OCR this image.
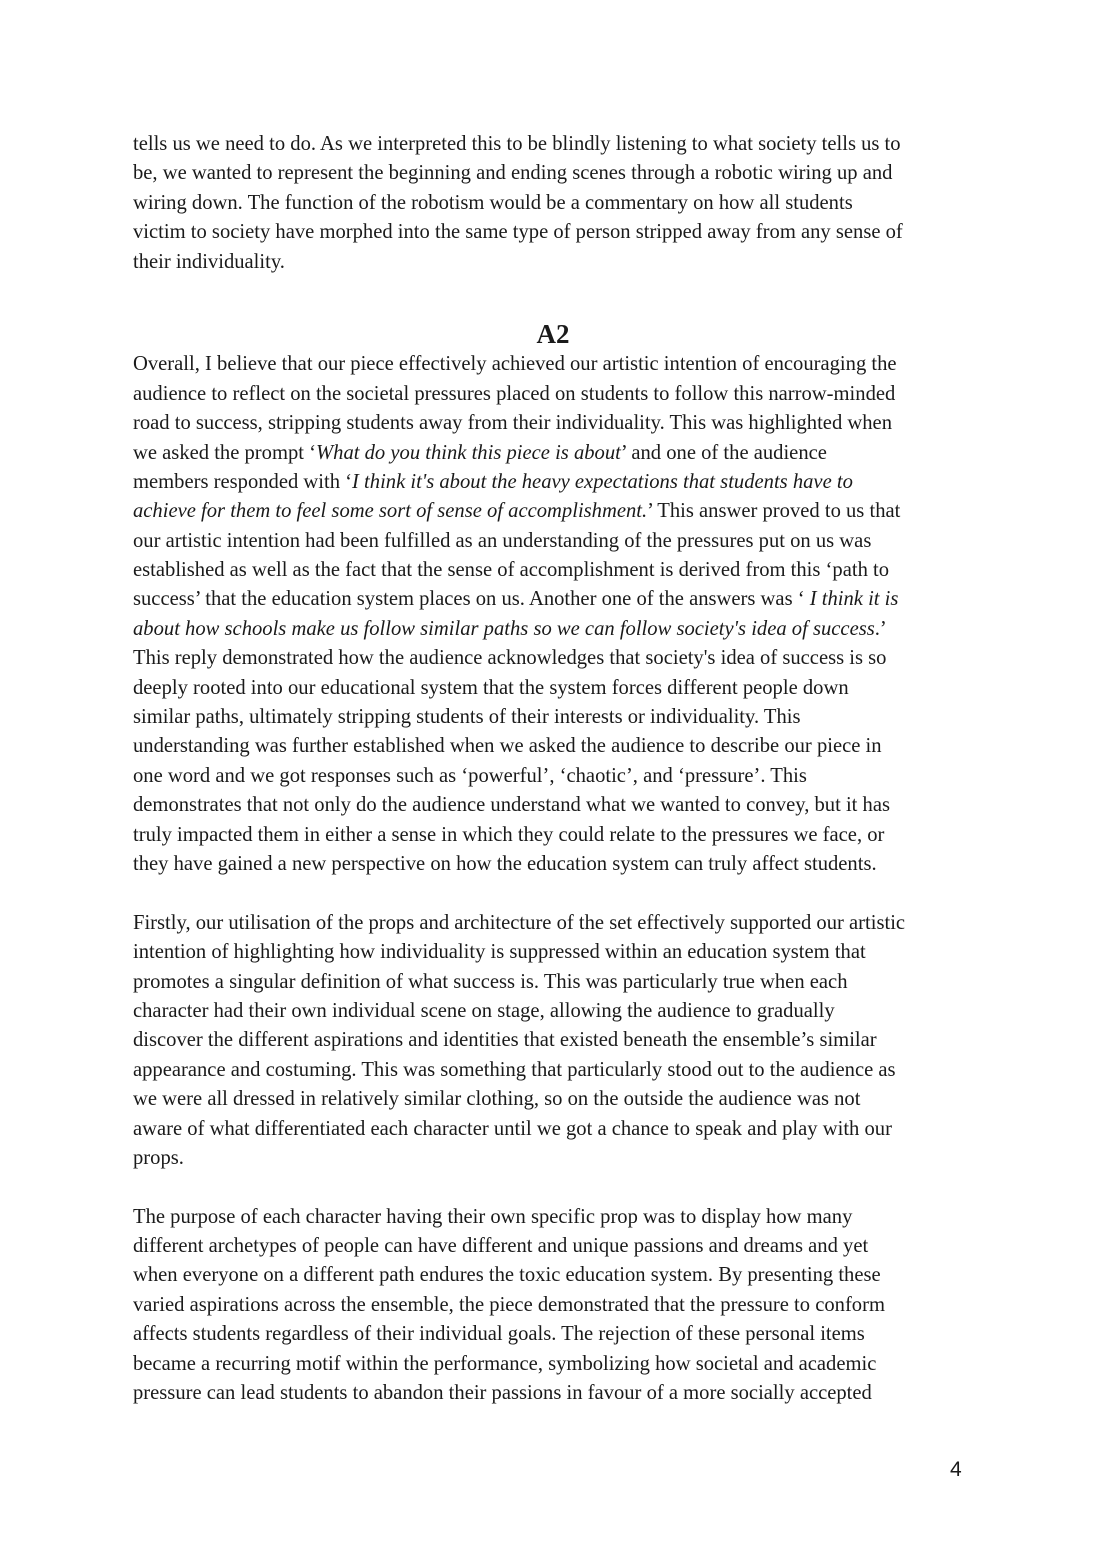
tells us we need to do. As we interpreted this to be blindly listening to what society tells us to
be, we wanted to represent the beginning and ending scenes through a robotic wiring up and
wiring down. The function of the robotism would be a commentary on how all students
victim to society have morphed into the same type of person stripped away from any sense of
their individuality.
A2
Overall, I believe that our piece effectively achieved our artistic intention of encouraging the
audience to reflect on the societal pressures placed on students to follow this narrow-minded
road to success, stripping students away from their individuality. This was highlighted when
we asked the prompt ‘What do you think this piece is about’ and one of the audience
members responded with ‘I think it's about the heavy expectations that students have to
achieve for them to feel some sort of sense of accomplishment.’ This answer proved to us that
our artistic intention had been fulfilled as an understanding of the pressures put on us was
established as well as the fact that the sense of accomplishment is derived from this ‘path to
success’ that the education system places on us. Another one of the answers was ‘ I think it is
about how schools make us follow similar paths so we can follow society's idea of success.’
This reply demonstrated how the audience acknowledges that society's idea of success is so
deeply rooted into our educational system that the system forces different people down
similar paths, ultimately stripping students of their interests or individuality. This
understanding was further established when we asked the audience to describe our piece in
one word and we got responses such as ‘powerful’, ‘chaotic’, and ‘pressure’. This
demonstrates that not only do the audience understand what we wanted to convey, but it has
truly impacted them in either a sense in which they could relate to the pressures we face, or
they have gained a new perspective on how the education system can truly affect students.
Firstly, our utilisation of the props and architecture of the set effectively supported our artistic
intention of highlighting how individuality is suppressed within an education system that
promotes a singular definition of what success is. This was particularly true when each
character had their own individual scene on stage, allowing the audience to gradually
discover the different aspirations and identities that existed beneath the ensemble’s similar
appearance and costuming. This was something that particularly stood out to the audience as
we were all dressed in relatively similar clothing, so on the outside the audience was not
aware of what differentiated each character until we got a chance to speak and play with our
props.
The purpose of each character having their own specific prop was to display how many
different archetypes of people can have different and unique passions and dreams and yet
when everyone on a different path endures the toxic education system. By presenting these
varied aspirations across the ensemble, the piece demonstrated that the pressure to conform
affects students regardless of their individual goals. The rejection of these personal items
became a recurring motif within the performance, symbolizing how societal and academic
pressure can lead students to abandon their passions in favour of a more socially accepted
4
